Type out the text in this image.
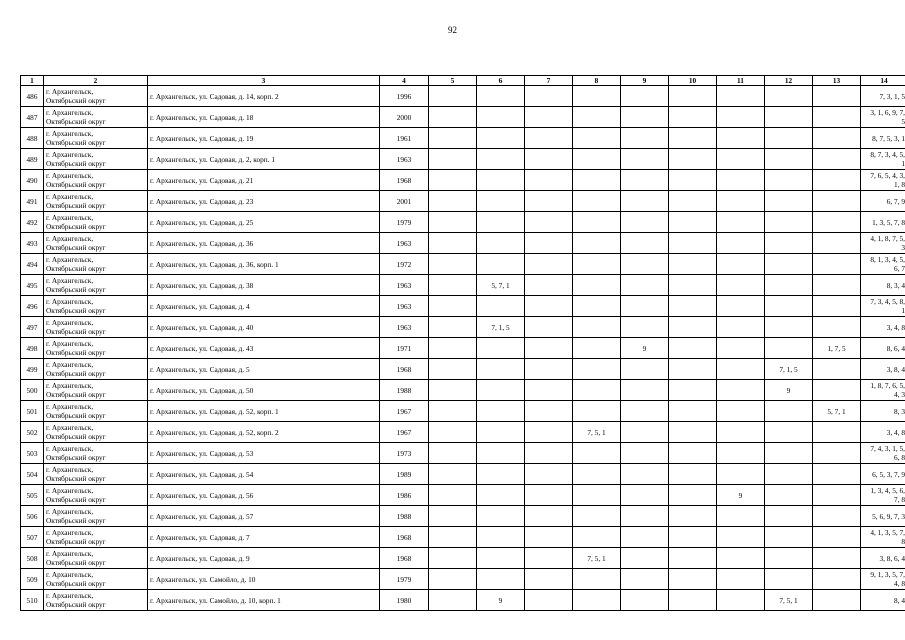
92
1	2	3	4	5	6	7	8	9	10	11	12	13	14
486	г. Архангельск,
Октябрьский округ	г. Архангельск, ул. Садовая, д. 14, корп. 2	1996										7, 3, 1, 5
487	г. Архангельск,
Октябрьский округ	г. Архангельск, ул. Садовая, д. 18	2000										3, 1, 6, 9, 7,
5
488	г. Архангельск,
Октябрьский округ	г. Архангельск, ул. Садовая, д. 19	1961										8, 7, 5, 3, 1
489	г. Архангельск,
Октябрьский округ	г. Архангельск, ул. Садовая, д. 2, корп. 1	1963										8, 7, 3, 4, 5,
1
490	г. Архангельск,
Октябрьский округ	г. Архангельск, ул. Садовая, д. 21	1968										7, 6, 5, 4, 3,
1, 8
491	г. Архангельск,
Октябрьский округ	г. Архангельск, ул. Садовая, д. 23	2001										6, 7, 9
492	г. Архангельск,
Октябрьский округ	г. Архангельск, ул. Садовая, д. 25	1979										1, 3, 5, 7, 8
493	г. Архангельск,
Октябрьский округ	г. Архангельск, ул. Садовая, д. 36	1963										4, 1, 8, 7, 5,
3
494	г. Архангельск,
Октябрьский округ	г. Архангельск, ул. Садовая, д. 36, корп. 1	1972										8, 1, 3, 4, 5,
6, 7
495	г. Архангельск,
Октябрьский округ	г. Архангельск, ул. Садовая, д. 38	1963		5, 7, 1								8, 3, 4
496	г. Архангельск,
Октябрьский округ	г. Архангельск, ул. Садовая, д. 4	1963										7, 3, 4, 5, 8,
1
497	г. Архангельск,
Октябрьский округ	г. Архангельск, ул. Садовая, д. 40	1963		7, 1, 5								3, 4, 8
498	г. Архангельск,
Октябрьский округ	г. Архангельск, ул. Садовая, д. 43	1971					9				1, 7, 5	8, 6, 4
499	г. Архангельск,
Октябрьский округ	г. Архангельск, ул. Садовая, д. 5	1968								7, 1, 5		3, 8, 4
500	г. Архангельск,
Октябрьский округ	г. Архангельск, ул. Садовая, д. 50	1988								9		1, 8, 7, 6, 5,
4, 3
501	г. Архангельск,
Октябрьский округ	г. Архангельск, ул. Садовая, д. 52, корп. 1	1967									5, 7, 1	8, 3
502	г. Архангельск,
Октябрьский округ	г. Архангельск, ул. Садовая, д. 52, корп. 2	1967				7, 5, 1						3, 4, 8
503	г. Архангельск,
Октябрьский округ	г. Архангельск, ул. Садовая, д. 53	1973										7, 4, 3, 1, 5,
6, 8
504	г. Архангельск,
Октябрьский округ	г. Архангельск, ул. Садовая, д. 54	1989										6, 5, 3, 7, 9
505	г. Архангельск,
Октябрьский округ	г. Архангельск, ул. Садовая, д. 56	1986							9			1, 3, 4, 5, 6,
7, 8
506	г. Архангельск,
Октябрьский округ	г. Архангельск, ул. Садовая, д. 57	1988										5, 6, 9, 7, 3
507	г. Архангельск,
Октябрьский округ	г. Архангельск, ул. Садовая, д. 7	1968										4, 1, 3, 5, 7,
8
508	г. Архангельск,
Октябрьский округ	г. Архангельск, ул. Садовая, д. 9	1968				7, 5, 1						3, 8, 6, 4
509	г. Архангельск,
Октябрьский округ	г. Архангельск, ул. Самойло, д. 10	1979										9, 1, 3, 5, 7,
4, 8
510	г. Архангельск,
Октябрьский округ	г. Архангельск, ул. Самойло, д. 10, корп. 1	1980		9						7, 5, 1		8, 4
